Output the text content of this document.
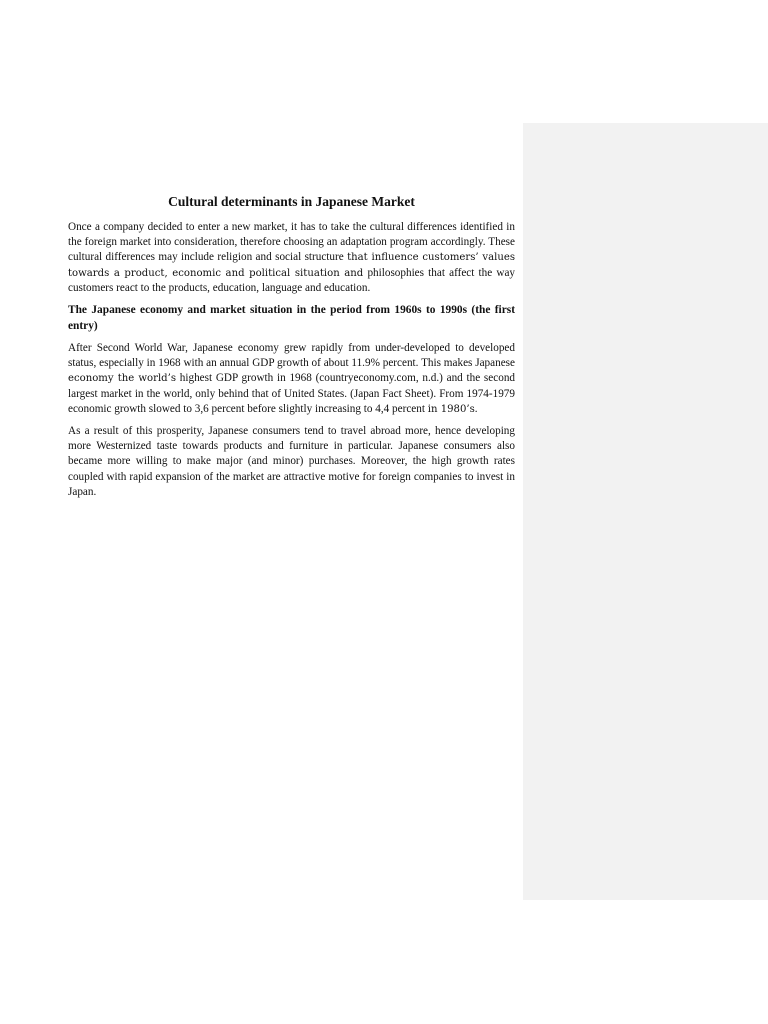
Cultural determinants in Japanese Market

Once a company decided to enter a new market, it has to take the cultural differences identified in the foreign market into consideration, therefore choosing an adaptation program accordingly. These cultural differences may include religion and social structure that influence customers’ values towards a product, economic and political situation and philosophies that affect the way customers react to the products, education, language and education.

The Japanese economy and market situation in the period from 1960s to 1990s (the first entry)

After Second World War, Japanese economy grew rapidly from under-developed to developed status, especially in 1968 with an annual GDP growth of about 11.9% percent. This makes Japanese economy the world’s highest GDP growth in 1968 (countryeconomy.com, n.d.) and the second largest market in the world, only behind that of United States. (Japan Fact Sheet). From 1974-1979 economic growth slowed to 3,6 percent before slightly increasing to 4,4 percent in 1980’s.

As a result of this prosperity, Japanese consumers tend to travel abroad more, hence developing more Westernized taste towards products and furniture in particular. Japanese consumers also became more willing to make major (and minor) purchases. Moreover, the high growth rates coupled with rapid expansion of the market are attractive motive for foreign companies to invest in Japan.
